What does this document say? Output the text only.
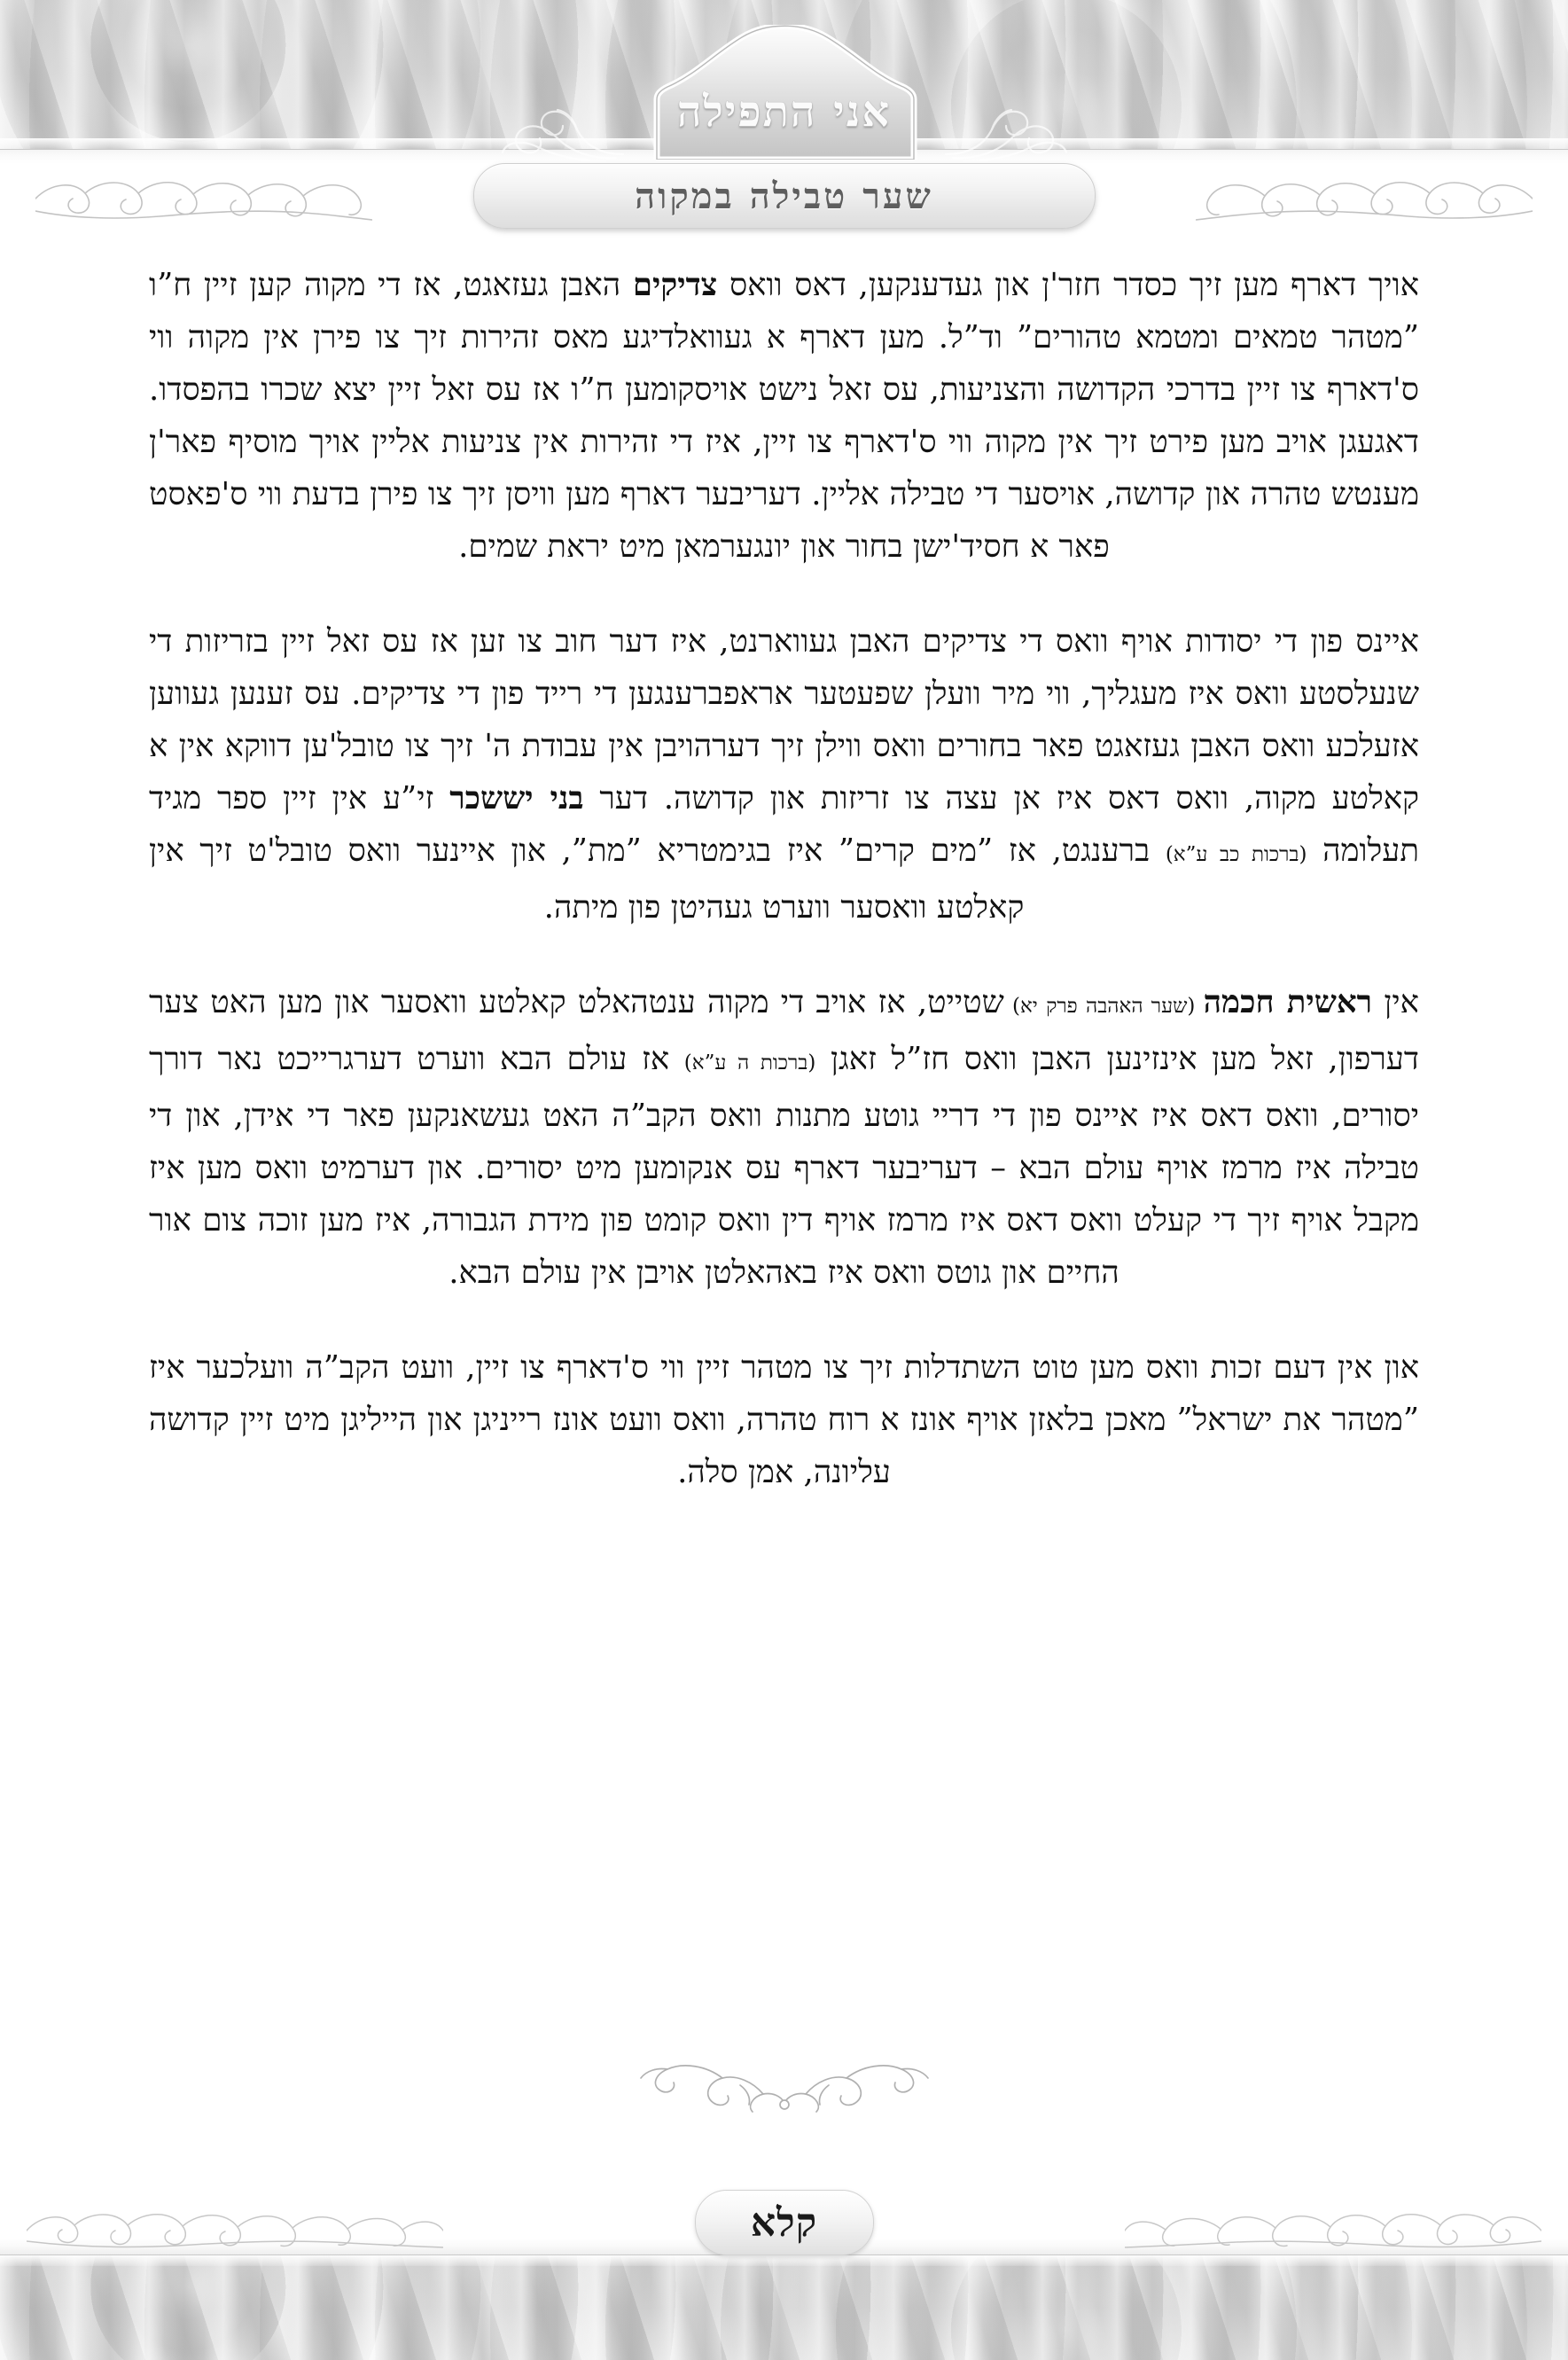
אני התפילה
שער טבילה במקוה

אויך דארף מען זיך כסדר חזר'ן און געדענקען, דאס וואס צדיקים האבן געזאגט, אז די מקוה קען זיין ח”ו ”מטהר טמאים ומטמא טהורים” וד”ל. מען דארף א געוואלדיגע מאס זהירות זיך צו פירן אין מקוה ווי ס'דארף צו זיין בדרכי הקדושה והצניעות, עס זאל נישט אויסקומען ח”ו אז עס זאל זיין יצא שכרו בהפסדו. דאגעגן אויב מען פירט זיך אין מקוה ווי ס'דארף צו זיין, איז די זהירות אין צניעות אליין אויך מוסיף פאר'ן מענטש טהרה און קדושה, אויסער די טבילה אליין. דעריבער דארף מען וויסן זיך צו פירן בדעת ווי ס'פאסט פאר א חסיד'ישן בחור און יונגערמאן מיט יראת שמים.

איינס פון די יסודות אויף וואס די צדיקים האבן געווארנט, איז דער חוב צו זען אז עס זאל זיין בזריזות די שנעלסטע וואס איז מעגליך, ווי מיר וועלן שפעטער אראפברענגען די רייד פון די צדיקים. עס זענען געווען אזעלכע וואס האבן געזאגט פאר בחורים וואס ווילן זיך דערהויבן אין עבודת ה' זיך צו טובל'ען דווקא אין א קאלטע מקוה, וואס דאס איז אן עצה צו זריזות און קדושה. דער בני יששכר זי”ע אין זיין ספר מגיד תעלומה (ברכות כב ע”א) ברענגט, אז ”מים קרים” איז בגימטריא ”מת”, און איינער וואס טובל'ט זיך אין קאלטע וואסער ווערט געהיטן פון מיתה.

אין ראשית חכמה (שער האהבה פרק יא) שטייט, אז אויב די מקוה ענטהאלט קאלטע וואסער און מען האט צער דערפון, זאל מען אינזינען האבן וואס חז”ל זאגן (ברכות ה ע”א) אז עולם הבא ווערט דערגרייכט נאר דורך יסורים, וואס דאס איז איינס פון די דריי גוטע מתנות וואס הקב”ה האט געשאנקען פאר די אידן, און די טבילה איז מרמז אויף עולם הבא – דעריבער דארף עס אנקומען מיט יסורים. און דערמיט וואס מען איז מקבל אויף זיך די קעלט וואס דאס איז מרמז אויף דין וואס קומט פון מידת הגבורה, איז מען זוכה צום אור החיים און גוטס וואס איז באהאלטן אויבן אין עולם הבא.

און אין דעם זכות וואס מען טוט השתדלות זיך צו מטהר זיין ווי ס'דארף צו זיין, וועט הקב”ה וועלכער איז ”מטהר את ישראל” מאכן בלאזן אויף אונז א רוח טהרה, וואס וועט אונז רייניגן און הייליגן מיט זיין קדושה עליונה, אמן סלה.

קלא
